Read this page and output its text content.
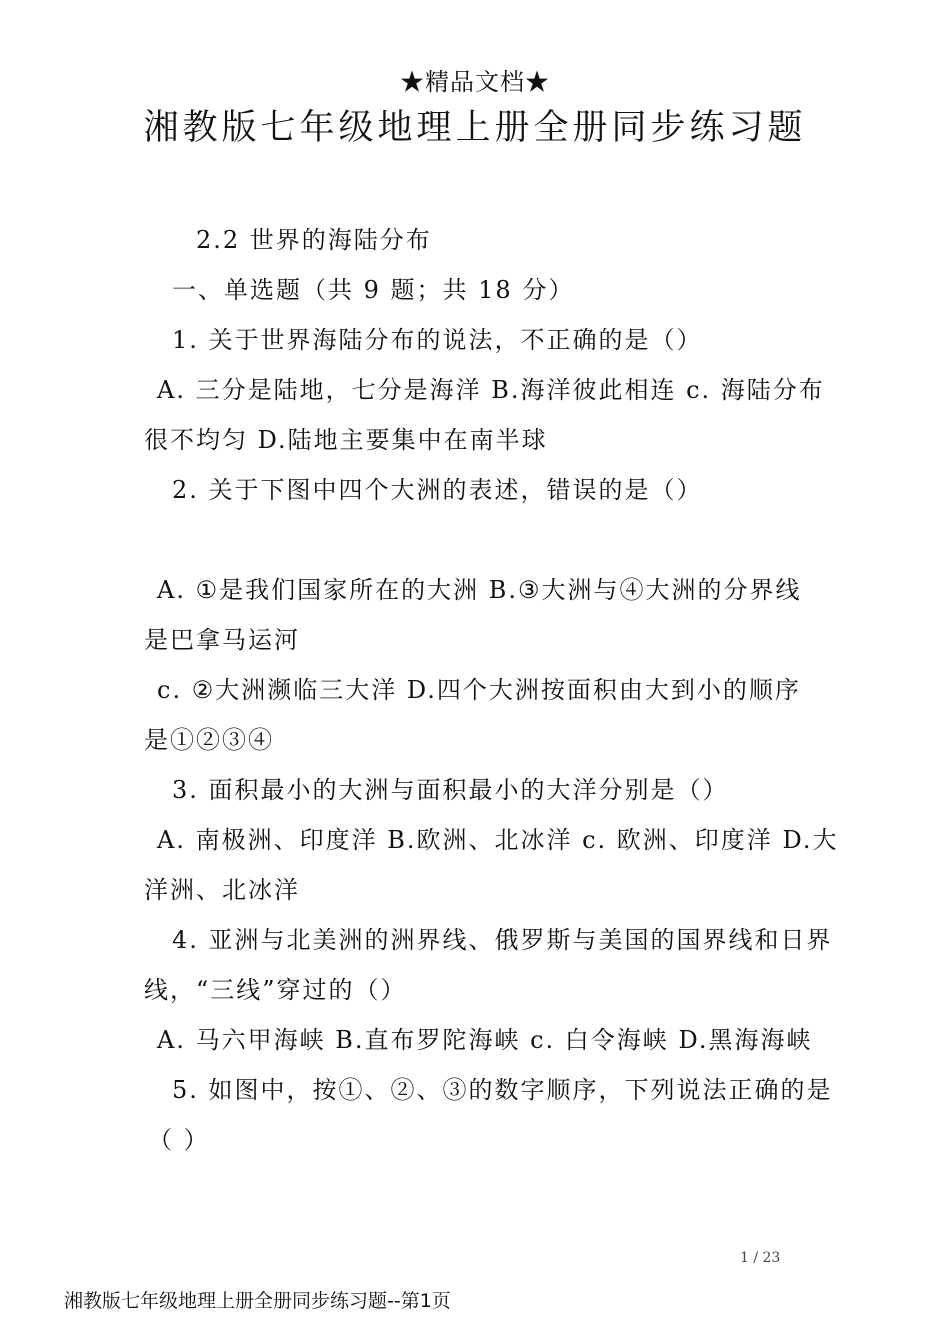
★精品文档★
湘教版七年级地理上册全册同步练习题
2.2 世界的海陆分布
一、单选题（共 9 题；共 18 分）
1. 关于世界海陆分布的说法，不正确的是（）
A. 三分是陆地，七分是海洋 B.海洋彼此相连 c. 海陆分布
很不均匀 D.陆地主要集中在南半球
2. 关于下图中四个大洲的表述，错误的是（）
A. ①是我们国家所在的大洲 B.③大洲与④大洲的分界线
是巴拿马运河
c. ②大洲濒临三大洋 D.四个大洲按面积由大到小的顺序
是①②③④
3. 面积最小的大洲与面积最小的大洋分别是（）
A. 南极洲、印度洋 B.欧洲、北冰洋 c. 欧洲、印度洋 D.大
洋洲、北冰洋
4. 亚洲与北美洲的洲界线、俄罗斯与美国的国界线和日界
线，“三线”穿过的（）
A. 马六甲海峡 B.直布罗陀海峡 c. 白令海峡 D.黑海海峡
5. 如图中，按①、②、③的数字顺序，下列说法正确的是
（ ）
1 / 23
湘教版七年级地理上册全册同步练习题--第1页
